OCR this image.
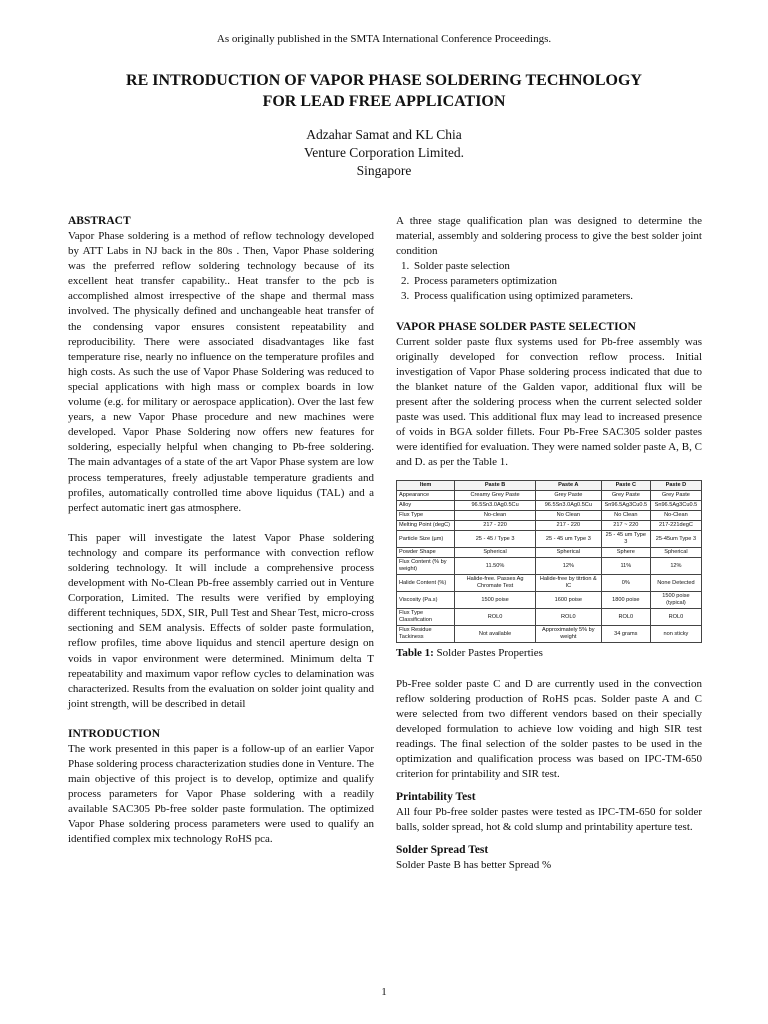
As originally published in the SMTA International Conference Proceedings.
RE INTRODUCTION OF VAPOR PHASE SOLDERING TECHNOLOGY
FOR LEAD FREE APPLICATION
Adzahar Samat and KL Chia
Venture Corporation Limited.
Singapore
ABSTRACT

Vapor Phase soldering is a method of reflow technology developed by ATT Labs in NJ back in the 80s . Then, Vapor Phase soldering was the preferred reflow soldering technology because of its excellent heat transfer capability.. Heat transfer to the pcb is accomplished almost irrespective of the shape and thermal mass involved. The physically defined and unchangeable heat transfer of the condensing vapor ensures consistent repeatability and reproducibility. There were associated disadvantages like fast temperature rise, nearly no influence on the temperature profiles and high costs. As such the use of Vapor Phase Soldering was reduced to special applications with high mass or complex boards in low volume (e.g. for military or aerospace application). Over the last few years, a new Vapor Phase procedure and new machines were developed. Vapor Phase Soldering now offers new features for soldering, especially helpful when changing to Pb-free soldering. The main advantages of a state of the art Vapor Phase system are low process temperatures, freely adjustable temperature gradients and profiles, automatically controlled time above liquidus (TAL) and a perfect automatic inert gas atmosphere.

This paper will investigate the latest Vapor Phase soldering technology and compare its performance with convection reflow soldering technology. It will include a comprehensive process development with No-Clean Pb-free assembly carried out in Venture Corporation, Limited. The results were verified by employing different techniques, 5DX, SIR, Pull Test and Shear Test, micro-cross sectioning and SEM analysis. Effects of solder paste formulation, reflow profiles, time above liquidus and stencil aperture design on voids in vapor environment were determined. Minimum delta T repeatability and maximum vapor reflow cycles to delamination was characterized. Results from the evaluation on solder joint quality and joint strength, will be described in detail

INTRODUCTION

The work presented in this paper is a follow-up of an earlier Vapor Phase soldering process characterization studies done in Venture. The main objective of this project is to develop, optimize and qualify process parameters for Vapor Phase soldering with a readily available SAC305 Pb-free solder paste formulation. The optimized Vapor Phase soldering process parameters were used to qualify an identified complex mix technology RoHS pca.

A three stage qualification plan was designed to determine the material, assembly and soldering process to give the best solder joint condition

1. Solder paste selection
2. Process parameters optimization
3. Process qualification using optimized parameters.
VAPOR PHASE SOLDER PASTE SELECTION

Current solder paste flux systems used for Pb-free assembly was originally developed for convection reflow process. Initial investigation of Vapor Phase soldering process indicated that due to the blanket nature of the Galden vapor, additional flux will be present after the soldering process when the current selected solder paste was used. This additional flux may lead to increased presence of voids in BGA solder fillets. Four Pb-Free SAC305 solder pastes were identified for evaluation. They were named solder paste A, B, C and D. as per the Table 1.

Item	Paste B	Paste A	Paste C	Paste D
Appearance	Creamy Grey Paste	Grey Paste	Grey Paste	Grey Paste
Alloy	96.5Sn3.0Ag0.5Cu	96.5Sn3.0Ag0.5Cu	Sn96.5Ag3Cu0.5	Sn96.5Ag3Cu0.5
Flux Type	No-clean	No Clean	No Clean	No-Clean
Melting Point (degC)	217 - 220	217 - 220	217 ~ 220	217-221degC
Particle Size (µm)	25 - 45 / Type 3	25 - 45 um Type 3	25 - 45 um Type 3	25-45um Type 3
Powder Shape	Spherical	Spherical	Sphere	Spherical
Flux Content (% by weight)	11.50%	12%	11%	12%
Halide Content (%)	Halide-free. Passes Ag Chromate Test	Halide-free by titrtion & IC	0%	None Detected
Viscosity (Pa.s)	1500 poise	1600 poise	1800 poise	1500 poise (typical)
Flux Type Classification	ROL0	ROL0	ROL0	ROL0
Flux Residue Tackiness	Not available	Approximately 5% by weight	34 grams	non sticky
Table 1: Solder Pastes Properties

Pb-Free solder paste C and D are currently used in the convection reflow soldering production of RoHS pcas. Solder paste A and C were selected from two different vendors based on their specially developed formulation to achieve low voiding and high SIR test readings. The final selection of the solder pastes to be used in the optimization and qualification process was based on IPC-TM-650 criterion for printability and SIR test.

Printability Test

All four Pb-free solder pastes were tested as IPC-TM-650 for solder balls, solder spread, hot & cold slump and printability aperture test.

Solder Spread Test

Solder Paste B has better Spread %

1
